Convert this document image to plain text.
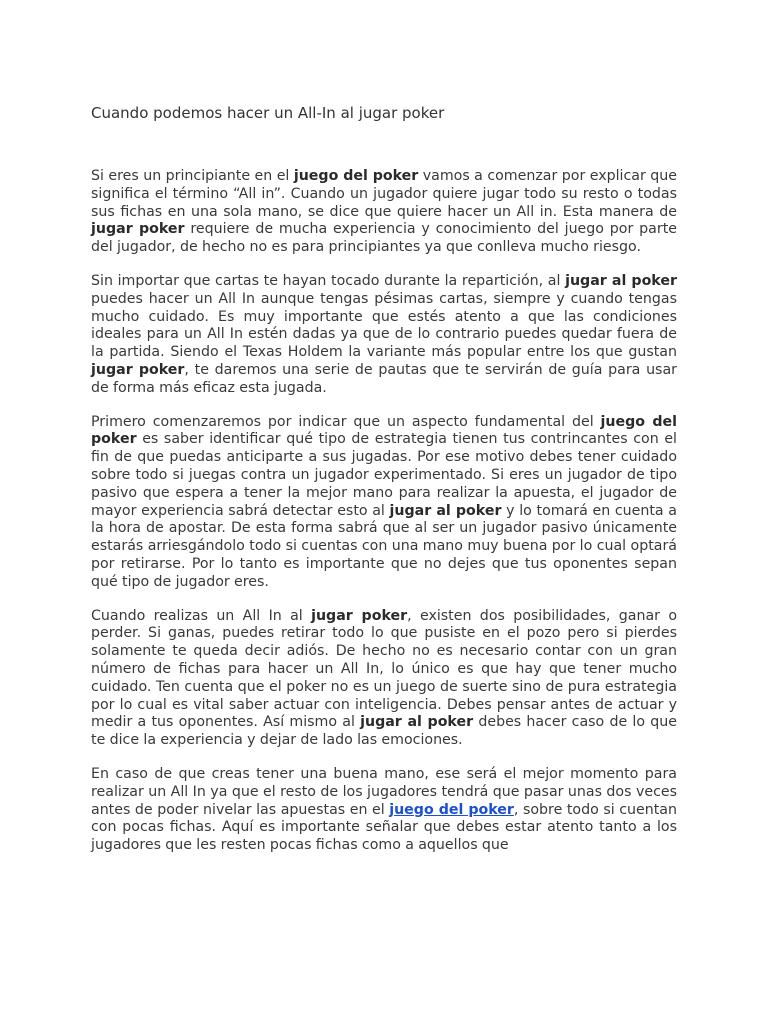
Cuando podemos hacer un All-In al jugar poker

Si eres un principiante en el juego del poker vamos a comenzar por explicar que significa el término “All in”. Cuando un jugador quiere jugar todo su resto o todas sus fichas en una sola mano, se dice que quiere hacer un All in. Esta manera de jugar poker requiere de mucha experiencia y conocimiento del juego por parte del jugador, de hecho no es para principiantes ya que conlleva mucho riesgo.

Sin importar que cartas te hayan tocado durante la repartición, al jugar al poker puedes hacer un All In aunque tengas pésimas cartas, siempre y cuando tengas mucho cuidado. Es muy importante que estés atento a que las condiciones ideales para un All In estén dadas ya que de lo contrario puedes quedar fuera de la partida. Siendo el Texas Holdem la variante más popular entre los que gustan jugar poker, te daremos una serie de pautas que te servirán de guía para usar de forma más eficaz esta jugada.

Primero comenzaremos por indicar que un aspecto fundamental del juego del poker es saber identificar qué tipo de estrategia tienen tus contrincantes con el fin de que puedas anticiparte a sus jugadas. Por ese motivo debes tener cuidado sobre todo si juegas contra un jugador experimentado. Si eres un jugador de tipo pasivo que espera a tener la mejor mano para realizar la apuesta, el jugador de mayor experiencia sabrá detectar esto al jugar al poker y lo tomará en cuenta a la hora de apostar. De esta forma sabrá que al ser un jugador pasivo únicamente estarás arriesgándolo todo si cuentas con una mano muy buena por lo cual optará por retirarse. Por lo tanto es importante que no dejes que tus oponentes sepan qué tipo de jugador eres.

Cuando realizas un All In al jugar poker, existen dos posibilidades, ganar o perder. Si ganas, puedes retirar todo lo que pusiste en el pozo pero si pierdes solamente te queda decir adiós. De hecho no es necesario contar con un gran número de fichas para hacer un All In, lo único es que hay que tener mucho cuidado. Ten cuenta que el poker no es un juego de suerte sino de pura estrategia por lo cual es vital saber actuar con inteligencia. Debes pensar antes de actuar y medir a tus oponentes. Así mismo al jugar al poker debes hacer caso de lo que te dice la experiencia y dejar de lado las emociones.

En caso de que creas tener una buena mano, ese será el mejor momento para realizar un All In ya que el resto de los jugadores tendrá que pasar unas dos veces antes de poder nivelar las apuestas en el juego del poker, sobre todo si cuentan con pocas fichas. Aquí es importante señalar que debes estar atento tanto a los jugadores que les resten pocas fichas como a aquellos que
